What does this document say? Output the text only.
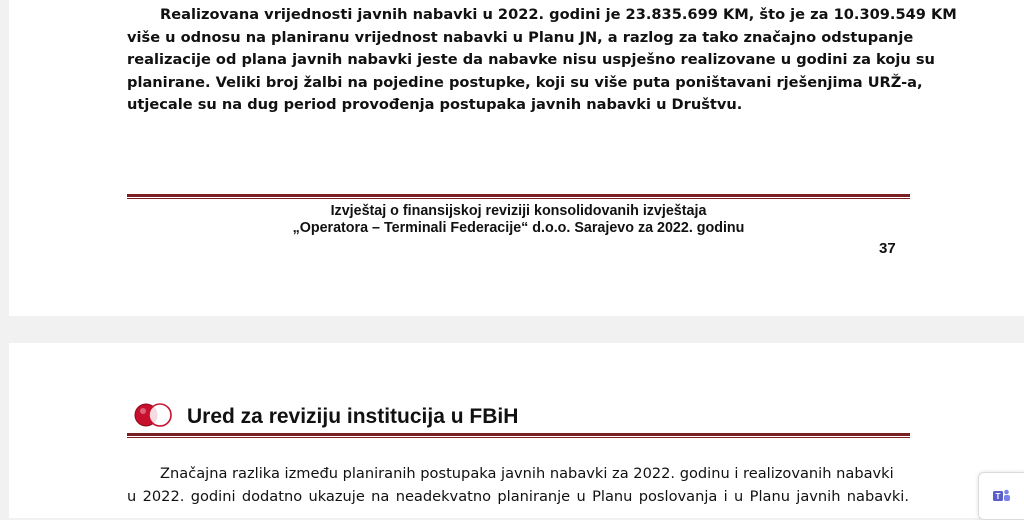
Realizovana vrijednosti javnih nabavki u 2022. godini je 23.835.699 KM, što je za 10.309.549 KM
više u odnosu na planiranu vrijednost nabavki u Planu JN, a razlog za tako značajno odstupanje
realizacije od plana javnih nabavki jeste da nabavke nisu uspješno realizovane u godini za koju su
planirane. Veliki broj žalbi na pojedine postupke, koji su više puta poništavani rješenjima URŽ-a,
utjecale su na dug period provođenja postupaka javnih nabavki u Društvu.
Izvještaj o finansijskoj reviziji konsolidovanih izvještaja
„Operatora – Terminali Federacije“ d.o.o. Sarajevo za 2022. godinu
37
Ured za reviziju institucija u FBiH
Značajna razlika između planiranih postupaka javnih nabavki za 2022. godinu i realizovanih nabavki
u 2022. godini dodatno ukazuje na neadekvatno planiranje u Planu poslovanja i u Planu javnih nabavki.	T
